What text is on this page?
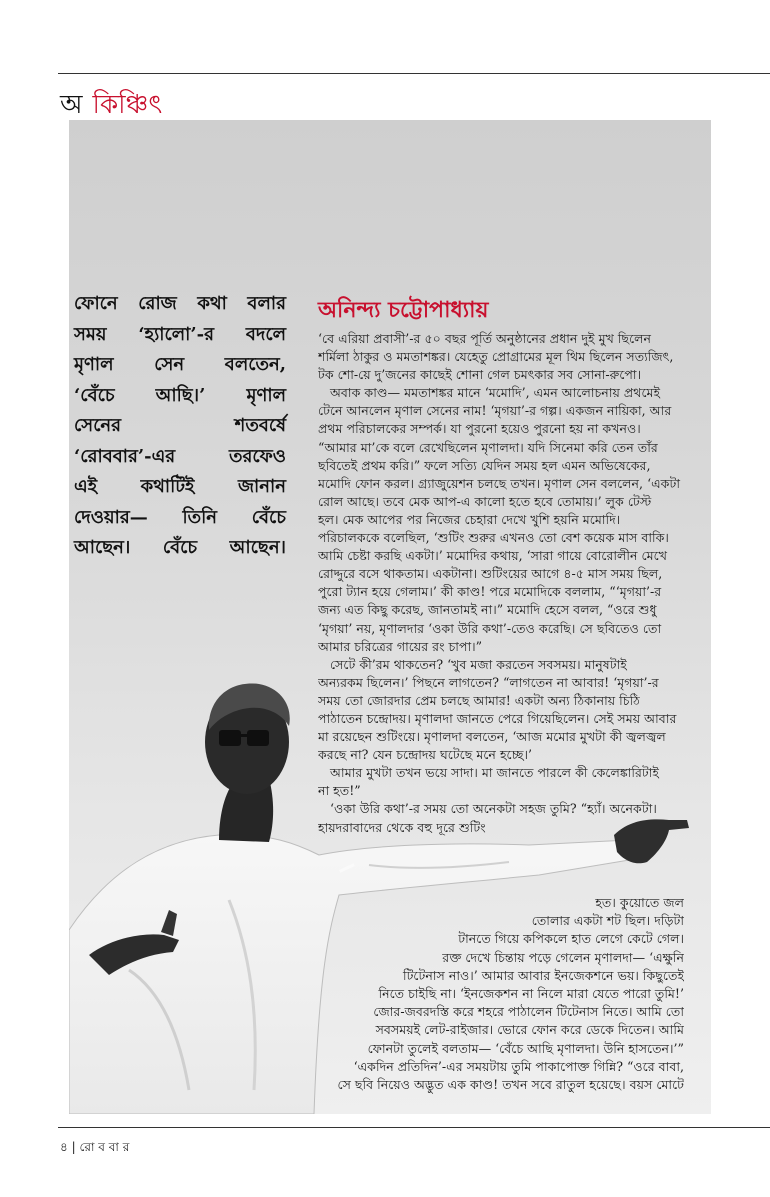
অ কিঞ্চিৎ

ফোনে রোজ কথা বলার
সময় ‘হ্যালো’-র বদলে
মৃণাল সেন বলতেন,
‘বেঁচে আছি।’ মৃণাল
সেনের শতবর্ষে
‘রোববার’-এর তরফেও
এই কথাটিই জানান
দেওয়ার— তিনি বেঁচে
আছেন। বেঁচে আছেন।

অনিন্দ্য চট্টোপাধ্যায়

‘বে এরিয়া প্রবাসী’-র ৫০ বছর পূর্তি অনুষ্ঠানের প্রধান দুই মুখ ছিলেন
শর্মিলা ঠাকুর ও মমতাশঙ্কর। যেহেতু প্রোগ্রামের মূল থিম ছিলেন সত্যজিৎ,
টক শো-য়ে দু’জনের কাছেই শোনা গেল চমৎকার সব সোনা-রুপো।
অবাক কাণ্ড— মমতাশঙ্কর মানে ‘মমোদি’, এমন আলোচনায় প্রথমেই
টেনে আনলেন মৃণাল সেনের নাম! ‘মৃগয়া’-র গল্প। একজন নায়িকা, আর
প্রথম পরিচালকের সম্পর্ক। যা পুরনো হয়েও পুরনো হয় না কখনও।
“আমার মা’কে বলে রেখেছিলেন মৃণালদা। যদি সিনেমা করি তেন তাঁর
ছবিতেই প্রথম করি।” ফলে সত্যি যেদিন সময় হল এমন অভিষেকের,
মমোদি ফোন করল। গ্র্যাজুয়েশন চলছে তখন। মৃণাল সেন বললেন, ‘একটা
রোল আছে। তবে মেক আপ-এ কালো হতে হবে তোমায়।’ লুক টেস্ট
হল। মেক আপের পর নিজের চেহারা দেখে খুশি হয়নি মমোদি।
পরিচালককে বলেছিল, ‘শুটিং শুরুর এখনও তো বেশ কয়েক মাস বাকি।
আমি চেষ্টা করছি একটা।’ মমোদির কথায়, ‘সারা গায়ে বোরোলীন মেখে
রোদ্দুরে বসে থাকতাম। একটানা। শুটিংয়ের আগে ৪-৫ মাস সময় ছিল,
পুরো ট্যান হয়ে গেলাম।’ কী কাণ্ড! পরে মমোদিকে বললাম, “‘মৃগয়া’-র
জন্য এত কিছু করেছ, জানতামই না।” মমোদি হেসে বলল, “ওরে শুধু
‘মৃগয়া’ নয়, মৃণালদার ‘ওকা উরি কথা’-তেও করেছি। সে ছবিতেও তো
আমার চরিত্রের গায়ের রং চাপা।”
সেটে কী’রম থাকতেন? ‘খুব মজা করতেন সবসময়। মানুষটাই
অন্যরকম ছিলেন।’ পিছনে লাগতেন? “লাগতেন না আবার! ‘মৃগয়া’-র
সময় তো জোরদার প্রেম চলছে আমার! একটা অন্য ঠিকানায় চিঠি
পাঠাতেন চন্দ্রোদয়। মৃণালদা জানতে পেরে গিয়েছিলেন। সেই সময় আবার
মা রয়েছেন শুটিংয়ে। মৃণালদা বলতেন, ‘আজ মমোর মুখটা কী জ্বলজ্বল
করছে না? যেন চন্দ্রোদয় ঘটেছে মনে হচ্ছে।’
আমার মুখটা তখন ভয়ে সাদা। মা জানতে পারলে কী কেলেঙ্কারিটাই
না হত!”
‘ওকা উরি কথা’-র সময় তো অনেকটা সহজ তুমি? “হ্যাঁ। অনেকটা।
হায়দরাবাদের থেকে বহু দূরে শুটিং

হত। কুয়োতে জল
তোলার একটা শট ছিল। দড়িটা
টানতে গিয়ে কপিকলে হাত লেগে কেটে গেল।
রক্ত দেখে চিন্তায় পড়ে গেলেন মৃণালদা— ‘এক্ষুনি
টিটেনাস নাও।’ আমার আবার ইনজেকশনে ভয়। কিছুতেই
নিতে চাইছি না। ‘ইনজেকশন না নিলে মারা যেতে পারো তুমি!’
জোর-জবরদস্তি করে শহরে পাঠালেন টিটেনাস নিতে। আমি তো
সবসময়ই লেট-রাইজার। ভোরে ফোন করে ডেকে দিতেন। আমি
ফোনটা তুলেই বলতাম— ‘বেঁচে আছি মৃণালদা। উনি হাসতেন।’”
‘একদিন প্রতিদিন’-এর সময়টায় তুমি পাকাপোক্ত গিন্নি? “ওরে বাবা,
সে ছবি নিয়েও অদ্ভুত এক কাণ্ড! তখন সবে রাতুল হয়েছে। বয়স মোটে

৪ | রো ব বা র
